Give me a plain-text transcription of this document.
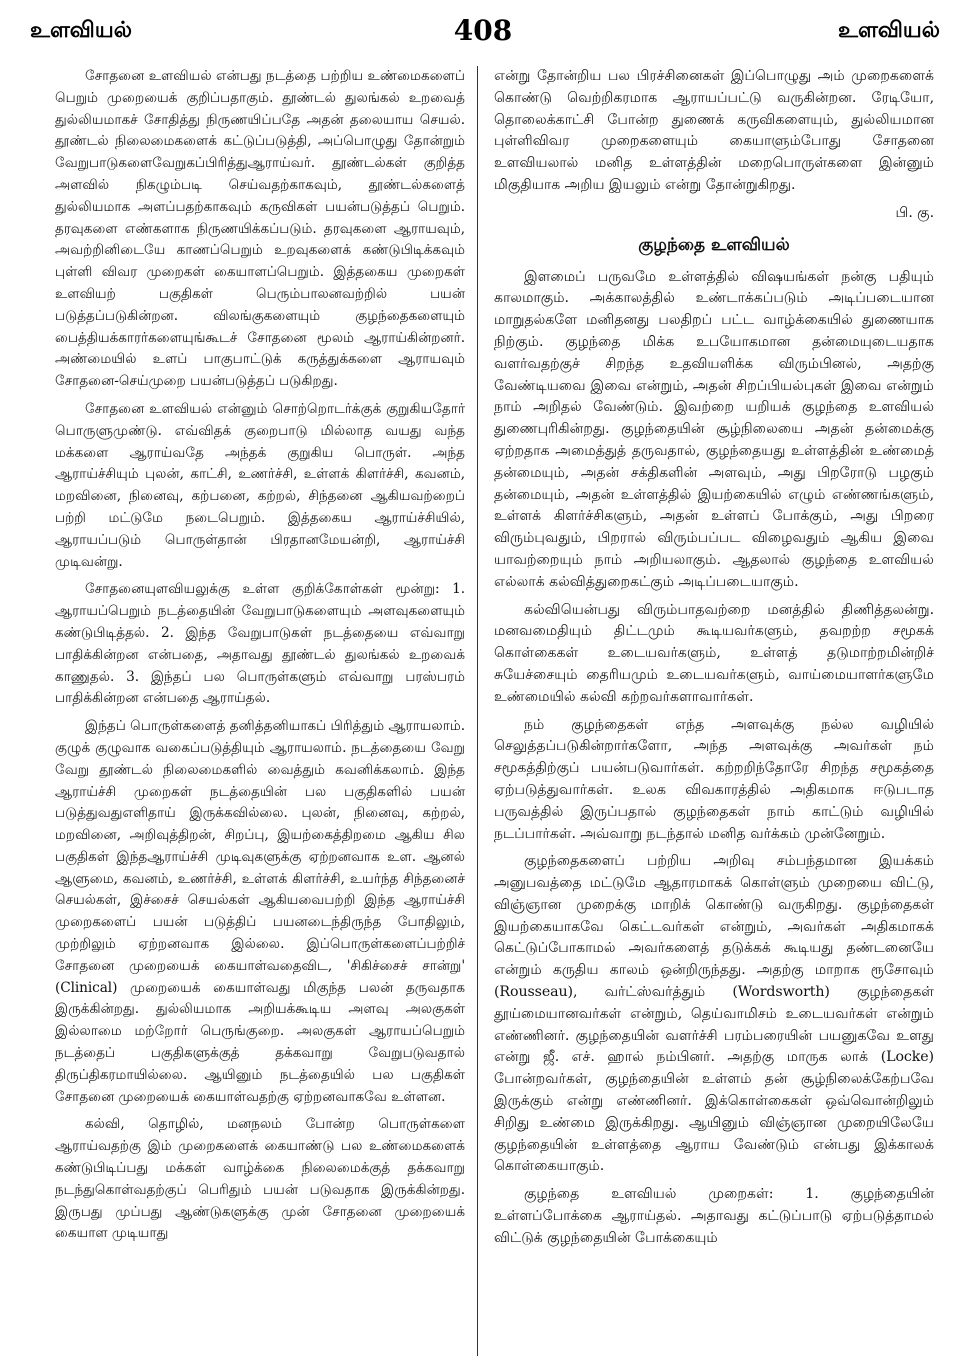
உளவியல்	408	உளவியல்

சோதனை உளவியல் என்பது நடத்தை பற்றிய உண்மைகளைப் பெறும் முறையைக் குறிப்பதாகும். தூண்டல் துலங்கல் உறவைத் துல்லியமாகச் சோதித்து நிருணயிப்பதே அதன் தலையாய செயல். தூண்டல் நிலைமைகளைக் கட்டுப்படுத்தி, அப்பொழுது தோன்றும் வேறுபாடுகளைவேறுகப்பிரித்துஆராய்வர். தூண்டல்கள் குறித்த அளவில் நிகழும்படி செய்வதற்காகவும், தூண்டல்களைத் துல்லியமாக அளப்பதற்காகவும் கருவிகள் பயன்படுத்தப் பெறும். தரவுகளை எண்களாக நிருணயிக்கப்படும். தரவுகளை ஆராயவும், அவற்றினிடையே காணப்பெறும் உறவுகளைக் கண்டுபிடிக்கவும் புள்ளி விவர முறைகள் கையாளப்பெறும். இத்தகைய முறைகள் உளவியற் பகுதிகள் பெரும்பாலனவற்றில் பயன் படுத்தப்படுகின்றன. விலங்குகளையும் குழந்தைகளையும் பைத்தியக்காரர்களையுங்கூடச் சோதனை மூலம் ஆராய்கின்றனர். அண்மையில் உளப் பாகுபாட்டுக் கருத்துக்களை ஆராயவும் சோதனை-செய்முறை பயன்படுத்தப் படுகிறது.

சோதனை உளவியல் என்னும் சொற்றொடர்க்குக் குறுகியதோர் பொருளுமுண்டு. எவ்விதக் குறைபாடு மில்லாத வயது வந்த மக்களை ஆராய்வதே அந்தக் குறுகிய பொருள். அந்த ஆராய்ச்சியும் புலன், காட்சி, உணர்ச்சி, உள்ளக் கிளர்ச்சி, கவனம், மறவினை, நினைவு, கற்பனை, கற்றல், சிந்தனை ஆகியவற்றைப் பற்றி மட்டுமே நடைபெறும். இத்தகைய ஆராய்ச்சியில், ஆராயப்படும் பொருள்தான் பிரதானமேயன்றி, ஆராய்ச்சி முடிவன்று.

சோதனையுளவியலுக்கு உள்ள குறிக்கோள்கள் மூன்று: 1. ஆராயப்பெறும் நடத்தையின் வேறுபாடுகளையும் அளவுகளையும் கண்டுபிடித்தல். 2. இந்த வேறுபாடுகள் நடத்தையை எவ்வாறு பாதிக்கின்றன என்பதை, அதாவது தூண்டல் துலங்கல் உறவைக் காணுதல். 3. இந்தப் பல பொருள்களும் எவ்வாறு பரஸ்பரம் பாதிக்கின்றன என்பதை ஆராய்தல்.

இந்தப் பொருள்களைத் தனித்தனியாகப் பிரித்தும் ஆராயலாம். குழுக் குழுவாக வகைப்படுத்தியும் ஆராயலாம். நடத்தையை வேறு வேறு தூண்டல் நிலைமைகளில் வைத்தும் கவனிக்கலாம். இந்த ஆராய்ச்சி முறைகள் நடத்தையின் பல பகுதிகளில் பயன் படுத்துவதுஎளிதாய் இருக்கவில்லை. புலன், நினைவு, கற்றல், மறவினை, அறிவுத்திறன், சிறப்பு, இயற்கைத்திறமை ஆகிய சில பகுதிகள் இந்தஆராய்ச்சி முடிவுகளுக்கு ஏற்றனவாக உள. ஆனல் ஆளுமை, கவனம், உணர்ச்சி, உள்ளக் கிளர்ச்சி, உயர்ந்த சிந்தனைச் செயல்கள், இச்சைச் செயல்கள் ஆகியவைபற்றி இந்த ஆராய்ச்சி முறைகளைப் பயன் படுத்திப் பயனடைந்திருந்த போதிலும், முற்றிலும் ஏற்றனவாக இல்லை. இப்பொருள்களைப்பற்றிச் சோதனை முறையைக் கையாள்வதைவிட, 'சிகிச்சைச் சான்று' (Clinical) முறையைக் கையாள்வது மிகுந்த பலன் தருவதாக இருக்கின்றது. துல்லியமாக அறியக்கூடிய அளவு அலகுகள் இல்லாமை மற்றோர் பெருங்குறை. அலகுகள் ஆராயப்பெறும் நடத்தைப் பகுதிகளுக்குத் தக்கவாறு வேறுபடுவதால் திருப்திகரமாயில்லை. ஆயினும் நடத்தையில் பல பகுதிகள் சோதனை முறையைக் கையாள்வதற்கு ஏற்றனவாகவே உள்ளன.

கல்வி, தொழில், மனநலம் போன்ற பொருள்களை ஆராய்வதற்கு இம் முறைகளைக் கையாண்டு பல உண்மைகளைக் கண்டுபிடிப்பது மக்கள் வாழ்க்கை நிலைமைக்குத் தக்கவாறு நடந்துகொள்வதற்குப் பெரிதும் பயன் படுவதாக இருக்கின்றது. இருபது முப்பது ஆண்டுகளுக்கு முன் சோதனை முறையைக் கையாள முடியாது

என்று தோன்றிய பல பிரச்சினைகள் இப்பொழுது அம் முறைகளைக் கொண்டு வெற்றிகரமாக ஆராயப்பட்டு வருகின்றன. ரேடியோ, தொலைக்காட்சி போன்ற துணைக் கருவிகளையும், துல்லியமான புள்ளிவிவர முறைகளையும் கையாளும்போது சோதனை உளவியலால் மனித உள்ளத்தின் மறைபொருள்களை இன்னும் மிகுதியாக அறிய இயலும் என்று தோன்றுகிறது.

பி. கு.

குழந்தை உளவியல்

இளமைப் பருவமே உள்ளத்தில் விஷயங்கள் நன்கு பதியும் காலமாகும். அக்காலத்தில் உண்டாக்கப்படும் அடிப்படையான மாறுதல்களே மனிதனது பலதிறப் பட்ட வாழ்க்கையில் துணையாக நிற்கும். குழந்தை மிக்க உபயோகமான தன்மையுடையதாக வளர்வதற்குச் சிறந்த உதவியளிக்க விரும்பினல், அதற்கு வேண்டியவை இவை என்றும், அதன் சிறப்பியல்புகள் இவை என்றும் நாம் அறிதல் வேண்டும். இவற்றை யறியக் குழந்தை உளவியல் துணைபுரிகின்றது. குழந்தையின் சூழ்நிலையை அதன் தன்மைக்கு ஏற்றதாக அமைத்துத் தருவதால், குழந்தையது உள்ளத்தின் உண்மைத் தன்மையும், அதன் சக்திகளின் அளவும், அது பிறரோடு பழகும் தன்மையும், அதன் உள்ளத்தில் இயற்கையில் எழும் எண்ணங்களும், உள்ளக் கிளர்ச்சிகளும், அதன் உள்ளப் போக்கும், அது பிறரை விரும்புவதும், பிறரால் விரும்பப்பட விழைவதும் ஆகிய இவை யாவற்றையும் நாம் அறியலாகும். ஆதலால் குழந்தை உளவியல் எல்லாக் கல்வித்துறைகட்கும் அடிப்படையாகும்.

கல்வியென்பது விரும்பாதவற்றை மனத்தில் திணித்தலன்று. மனவமைதியும் திட்டமும் கூடியவர்களும், தவறற்ற சமூகக் கொள்கைகள் உடையவர்களும், உள்ளத் தடுமாற்றமின்றிச் சுயேச்சையும் தைரியமும் உடையவர்களும், வாய்மையாளர்களுமே உண்மையில் கல்வி கற்றவர்களாவார்கள்.

நம் குழந்தைகள் எந்த அளவுக்கு நல்ல வழியில் செலுத்தப்படுகின்றார்களோ, அந்த அளவுக்கு அவர்கள் நம் சமூகத்திற்குப் பயன்படுவார்கள். கற்றறிந்தோரே சிறந்த சமூகத்தை ஏற்படுத்துவார்கள். உலக விவகாரத்தில் அதிகமாக ஈடுபடாத பருவத்தில் இருப்பதால் குழந்தைகள் நாம் காட்டும் வழியில் நடப்பார்கள். அவ்வாறு நடந்தால் மனித வர்க்கம் முன்னேறும்.

குழந்தைகளைப் பற்றிய அறிவு சம்பந்தமான இயக்கம் அனுபவத்தை மட்டுமே ஆதாரமாகக் கொள்ளும் முறையை விட்டு, விஞ்ஞான முறைக்கு மாறிக் கொண்டு வருகிறது. குழந்தைகள் இயற்கையாகவே கெட்டவர்கள் என்றும், அவர்கள் அதிகமாகக் கெட்டுப்போகாமல் அவர்களைத் தடுக்கக் கூடியது தண்டனையே என்றும் கருதிய காலம் ஒன்றிருந்தது. அதற்கு மாறாக ரூசோவும் (Rousseau), வர்ட்ஸ்வர்த்தும் (Wordsworth) குழந்தைகள் தூய்மையானவர்கள் என்றும், தெய்வாமிசம் உடையவர்கள் என்றும் எண்ணினர். குழந்தையின் வளர்ச்சி பரம்பரையின் பயனுகவே உளது என்று ஜீ. எச். ஹால் நம்பினர். அதற்கு மாருக லாக் (Locke) போன்றவர்கள், குழந்தையின் உள்ளம் தன் சூழ்நிலைக்கேற்பவே இருக்கும் என்று எண்ணினர். இக்கொள்கைகள் ஒவ்வொன்றிலும் சிறிது உண்மை இருக்கிறது. ஆயினும் விஞ்ஞான முறையிலேயே குழந்தையின் உள்ளத்தை ஆராய வேண்டும் என்பது இக்காலக் கொள்கையாகும்.

குழந்தை உளவியல் முறைகள்: 1. குழந்தையின் உள்ளப்போக்கை ஆராய்தல். அதாவது கட்டுப்பாடு ஏற்படுத்தாமல் விட்டுக் குழந்தையின் போக்கையும்
